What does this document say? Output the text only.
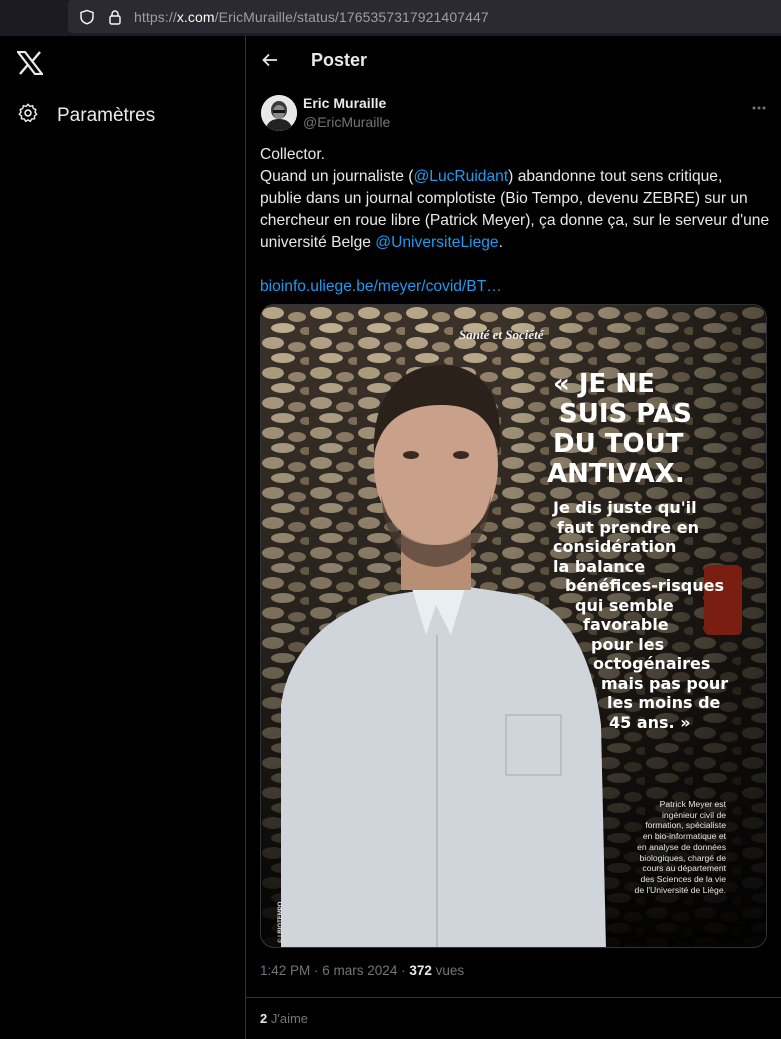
https://x.com/EricMuraille/status/1765357317921407447
Paramètres
Poster
Eric Muraille
@EricMuraille
Collector.
Quand un journaliste (@LucRuidant) abandonne tout sens critique,
publie dans un journal complotiste (Bio Tempo, devenu ZEBRE) sur un
chercheur en roue libre (Patrick Meyer), ça donne ça, sur le serveur d'une
université Belge @UniversiteLiege.
bioinfo.uliege.be/meyer/covid/BT…
Santé et Société
« JE NE
SUIS PAS
DU TOUT
ANTIVAX.
Je dis juste qu'il
faut prendre en
considération
la balance
bénéfices-risques
qui semble
favorable
pour les
octogénaires
mais pas pour
les moins de
45 ans. »
Patrick Meyer est
ingénieur civil de
formation, spécialiste
en bio-informatique et
en analyse de données
biologiques, chargé de
cours au département
des Sciences de la vie
de l'Université de Liège.
© | BIOTEMPO
1:42 PM · 6 mars 2024 · 372 vues
2 J'aime
